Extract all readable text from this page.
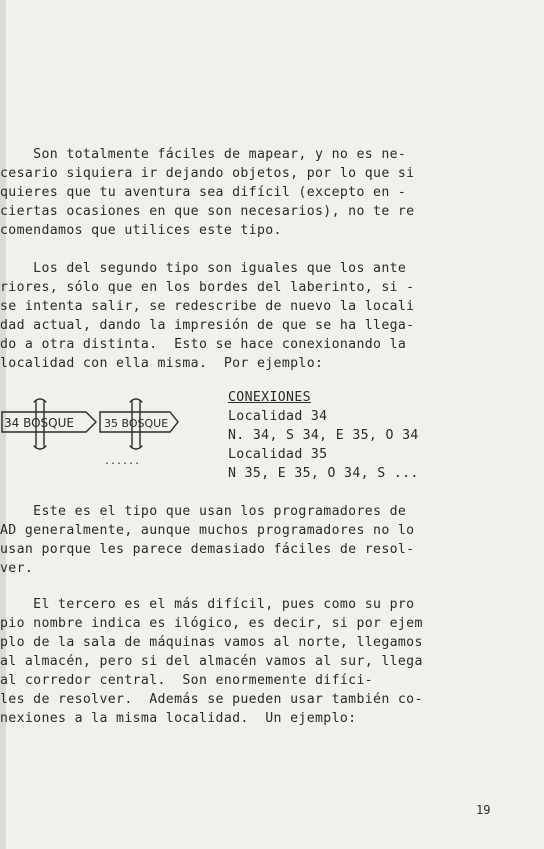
Son totalmente fáciles de mapear, y no es ne-
cesario siquiera ir dejando objetos, por lo que si
quieres que tu aventura sea difícil (excepto en -
ciertas ocasiones en que son necesarios), no te re
comendamos que utilices este tipo.
Los del segundo tipo son iguales que los ante
riores, sólo que en los bordes del laberinto, si -
se intenta salir, se redescribe de nuevo la locali
dad actual, dando la impresión de que se ha llega-
do a otra distinta.  Esto se hace conexionando la
localidad con ella misma.  Por ejemplo:
34 BOSQUE	35 BOSQUE
......
CONEXIONES
Localidad 34
N. 34, S 34, E 35, O 34
Localidad 35
N 35, E 35, O 34, S ...
Este es el tipo que usan los programadores de
AD generalmente, aunque muchos programadores no lo
usan porque les parece demasiado fáciles de resol-
ver.
El tercero es el más difícil, pues como su pro
pio nombre indica es ilógico, es decir, si por ejem
plo de la sala de máquinas vamos al norte, llegamos
al almacén, pero si del almacén vamos al sur, llega
al corredor central.  Son enormemente difíci-
les de resolver.  Además se pueden usar también co-
nexiones a la misma localidad.  Un ejemplo:
19
